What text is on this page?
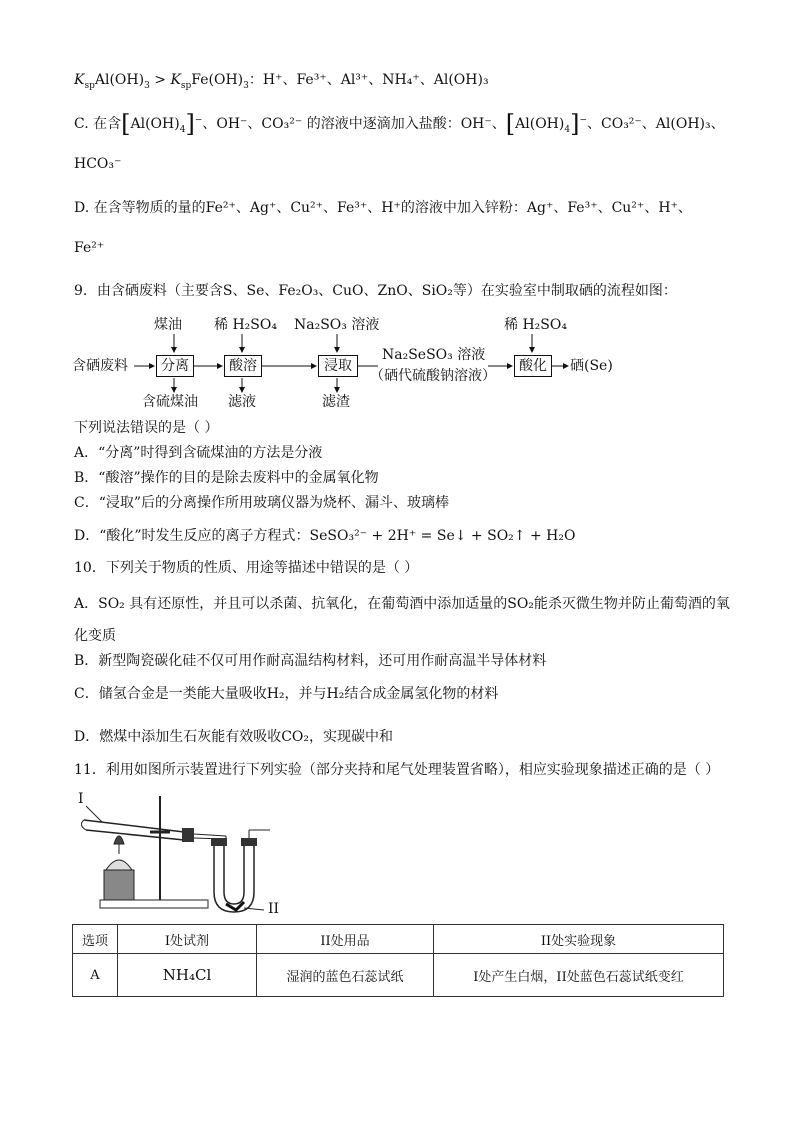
$K_{sp}Al(OH)_3 > K_{sp}Fe(OH)_3$：H⁺、Fe³⁺、Al³⁺、NH₄⁺、Al(OH)₃
C. 在含$[Al(OH)_4]^-$、OH⁻、CO₃²⁻ 的溶液中逐滴加入盐酸：OH⁻、$[Al(OH)_4]^-$、CO₃²⁻、Al(OH)₃、
HCO₃⁻
D. 在含等物质的量的Fe²⁺、Ag⁺、Cu²⁺、Fe³⁺、H⁺的溶液中加入锌粉：Ag⁺、Fe³⁺、Cu²⁺、H⁺、
Fe²⁺
9．由含硒废料（主要含S、Se、Fe₂O₃、CuO、ZnO、SiO₂等）在实验室中制取硒的流程如图：
煤油 稀 H₂SO₄ Na₂SO₃ 溶液	稀 H₂SO₄
含硒废料	分离	酸溶	浸取
Na₂SeSO₃ 溶液
（硒代硫酸钠溶液）
酸化	硒(Se)
含硫煤油 滤液	滤渣
下列说法错误的是（ ）
A．“分离”时得到含硫煤油的方法是分液
B．“酸溶”操作的目的是除去废料中的金属氧化物
C．“浸取”后的分离操作所用玻璃仪器为烧杯、漏斗、玻璃棒
D．“酸化”时发生反应的离子方程式：SeSO₃²⁻ + 2H⁺ = Se↓ + SO₂↑ + H₂O
10．下列关于物质的性质、用途等描述中错误的是（ ）
A．SO₂ 具有还原性，并且可以杀菌、抗氧化，在葡萄酒中添加适量的SO₂能杀灭微生物并防止葡萄酒的氧
化变质
B．新型陶瓷碳化硅不仅可用作耐高温结构材料，还可用作耐高温半导体材料
C．储氢合金是一类能大量吸收H₂，并与H₂结合成金属氢化物的材料
D．燃煤中添加生石灰能有效吸收CO₂，实现碳中和
11．利用如图所示装置进行下列实验（部分夹持和尾气处理装置省略），相应实验现象描述正确的是（ ）
I
II
选项	I处试剂	II处用品	II处实验现象
A	NH₄Cl	湿润的蓝色石蕊试纸	I处产生白烟，II处蓝色石蕊试纸变红
